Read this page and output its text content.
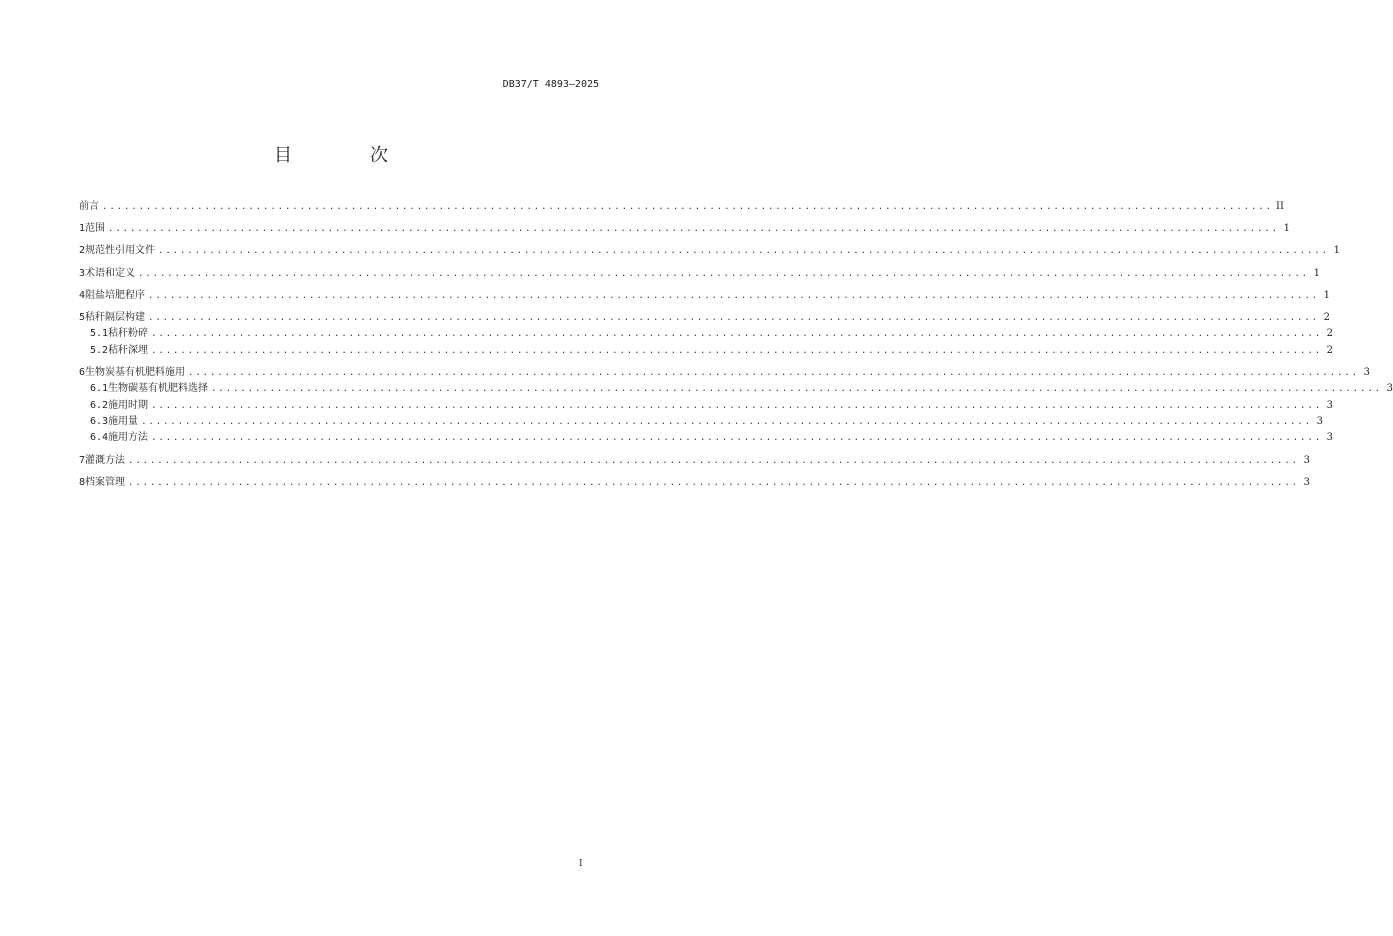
DB37/T 4893—2025
目　次
前言 ................................................................................................................................................................ II
1 范围 ................................................................................................................................................................ 1
2 规范性引用文件 ................................................................................................................................................................ 1
3 术语和定义 ................................................................................................................................................................ 1
4 阻盐培肥程序 ................................................................................................................................................................ 1
5 秸秆隔层构建 ................................................................................................................................................................ 2
5.1 秸秆粉碎 ................................................................................................................................................................ 2
5.2 秸秆深埋 ................................................................................................................................................................ 2
6 生物炭基有机肥料施用 ................................................................................................................................................................ 3
6.1 生物碳基有机肥料选择 ................................................................................................................................................................ 3
6.2 施用时期 ................................................................................................................................................................ 3
6.3 施用量 ................................................................................................................................................................ 3
6.4 施用方法 ................................................................................................................................................................ 3
7 灌溉方法 ................................................................................................................................................................ 3
8 档案管理 ................................................................................................................................................................ 3
I
